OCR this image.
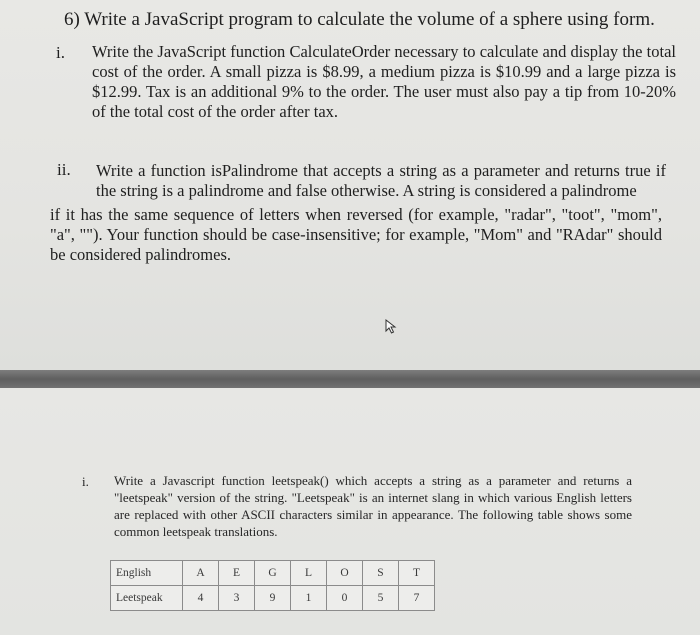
6) Write a JavaScript program to calculate the volume of a sphere using form.
i. Write the JavaScript function CalculateOrder necessary to calculate and display the total cost of the order. A small pizza is $8.99, a medium pizza is $10.99 and a large pizza is $12.99. Tax is an additional 9% to the order. The user must also pay a tip from 10-20% of the total cost of the order after tax.
ii. Write a function isPalindrome that accepts a string as a parameter and returns true if the string is a palindrome and false otherwise. A string is considered a palindrome
if it has the same sequence of letters when reversed (for example, "radar", "toot", "mom", "a", ""). Your function should be case-insensitive; for example, "Mom" and "RAdar" should be considered palindromes.
i. Write a Javascript function leetspeak() which accepts a string as a parameter and returns a "leetspeak" version of the string. "Leetspeak" is an internet slang in which various English letters are replaced with other ASCII characters similar in appearance. The following table shows some common leetspeak translations.
English	A	E	G	L	O	S	T
Leetspeak	4	3	9	1	0	5	7
